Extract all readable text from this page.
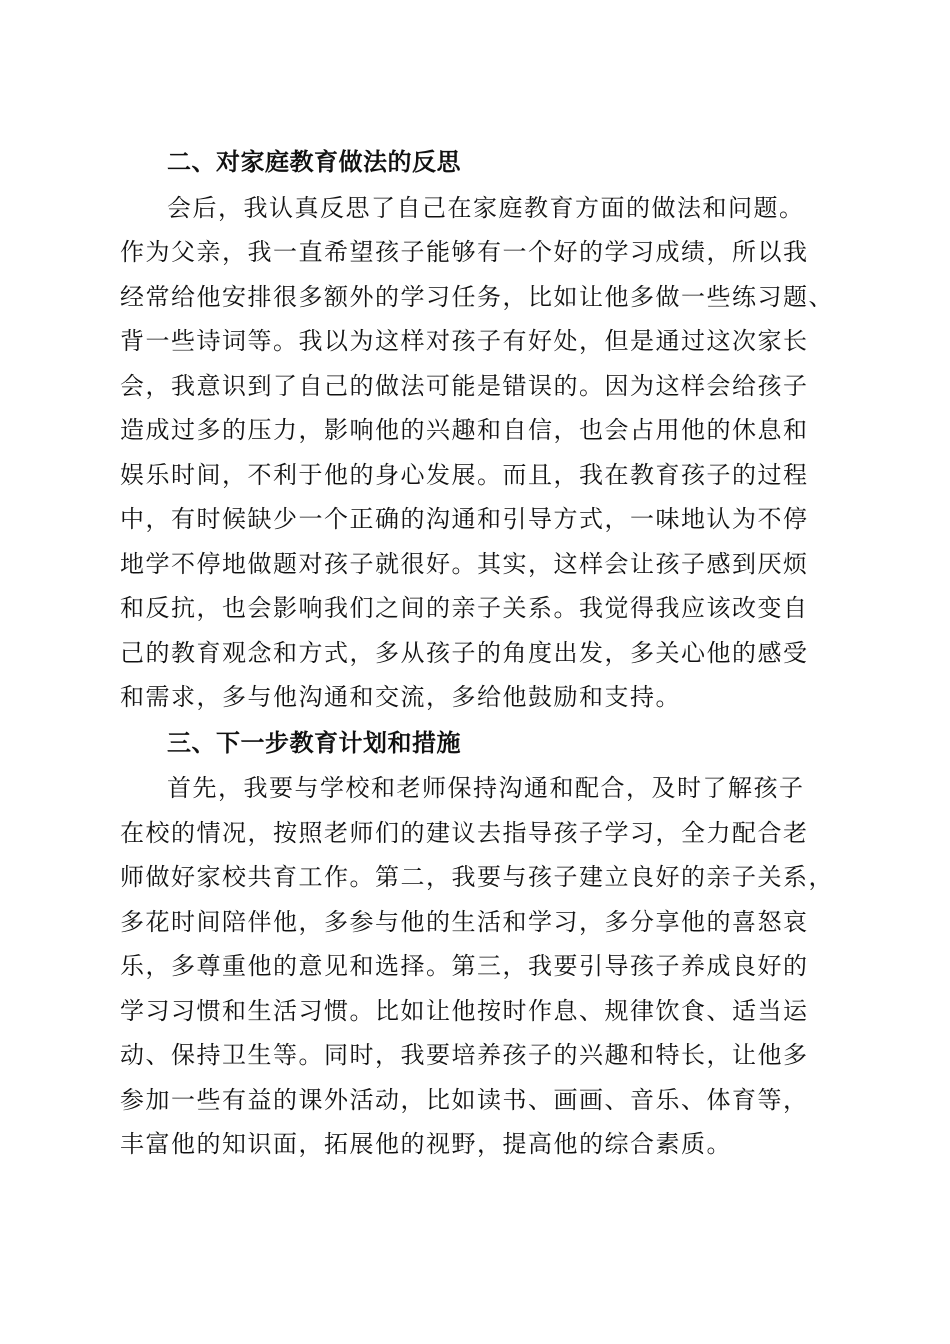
二、对家庭教育做法的反思
会后，我认真反思了自己在家庭教育方面的做法和问题。
作为父亲，我一直希望孩子能够有一个好的学习成绩，所以我
经常给他安排很多额外的学习任务，比如让他多做一些练习题、
背一些诗词等。我以为这样对孩子有好处，但是通过这次家长
会，我意识到了自己的做法可能是错误的。因为这样会给孩子
造成过多的压力，影响他的兴趣和自信，也会占用他的休息和
娱乐时间，不利于他的身心发展。而且，我在教育孩子的过程
中，有时候缺少一个正确的沟通和引导方式，一味地认为不停
地学不停地做题对孩子就很好。其实，这样会让孩子感到厌烦
和反抗，也会影响我们之间的亲子关系。我觉得我应该改变自
己的教育观念和方式，多从孩子的角度出发，多关心他的感受
和需求，多与他沟通和交流，多给他鼓励和支持。
三、下一步教育计划和措施
首先，我要与学校和老师保持沟通和配合，及时了解孩子
在校的情况，按照老师们的建议去指导孩子学习，全力配合老
师做好家校共育工作。第二，我要与孩子建立良好的亲子关系，
多花时间陪伴他，多参与他的生活和学习，多分享他的喜怒哀
乐，多尊重他的意见和选择。第三，我要引导孩子养成良好的
学习习惯和生活习惯。比如让他按时作息、规律饮食、适当运
动、保持卫生等。同时，我要培养孩子的兴趣和特长，让他多
参加一些有益的课外活动，比如读书、画画、音乐、体育等，
丰富他的知识面，拓展他的视野，提高他的综合素质。
